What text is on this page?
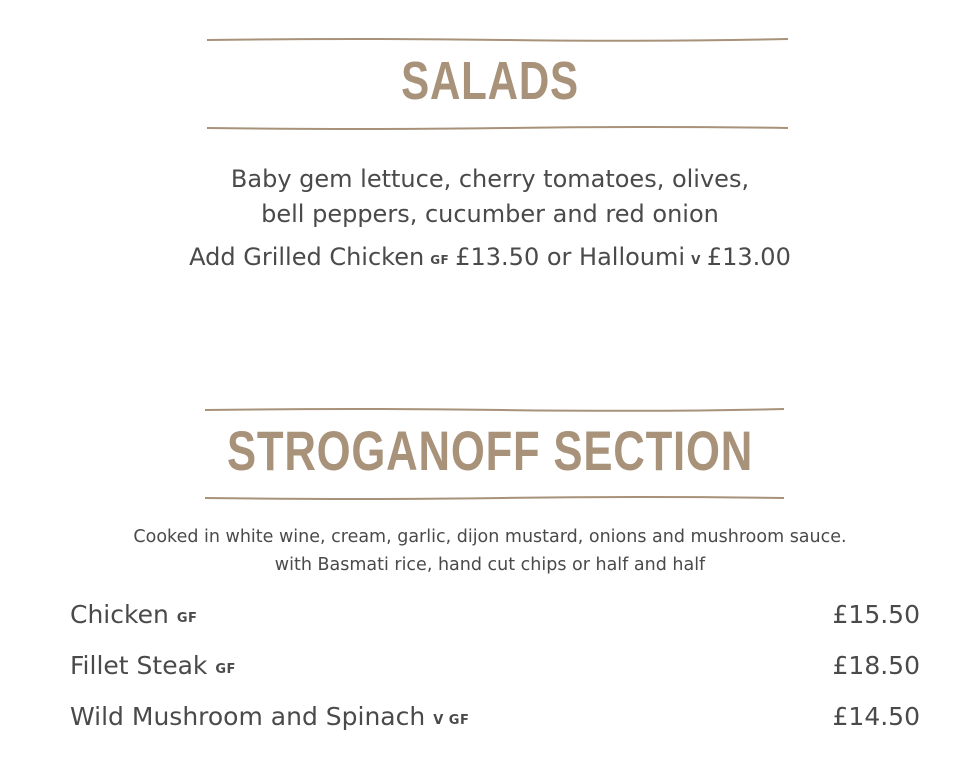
SALADS

Baby gem lettuce, cherry tomatoes, olives,

bell peppers, cucumber and red onion

Add Grilled Chicken GF £13.50 or Halloumi V £13.00

STROGANOFF SECTION

Cooked in white wine, cream, garlic, dijon mustard, onions and mushroom sauce.

with Basmati rice, hand cut chips or half and half

Chicken GF	£15.50
Fillet Steak GF	£18.50
Wild Mushroom and Spinach V GF	£14.50
